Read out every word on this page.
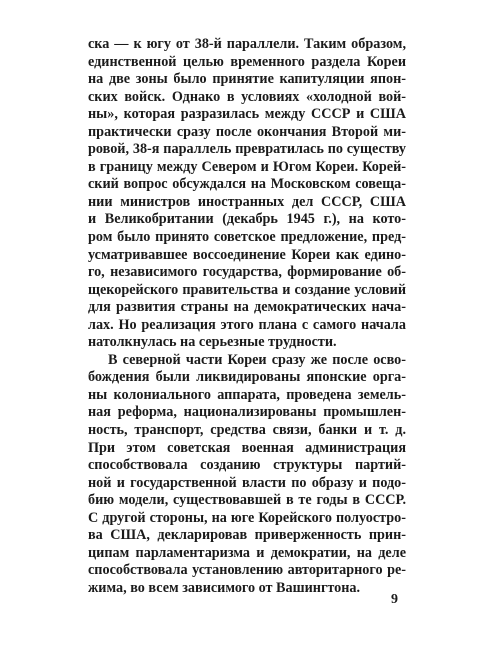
ска — к югу от 38-й параллели. Таким образом,
единственной целью временного раздела Кореи
на две зоны было принятие капитуляции япон-
ских войск. Однако в условиях «холодной вой-
ны», которая разразилась между СССР и США
практически сразу после окончания Второй ми-
ровой, 38-я параллель превратилась по существу
в границу между Севером и Югом Кореи. Корей-
ский вопрос обсуждался на Московском совеща-
нии министров иностранных дел СССР, США
и Великобритании (декабрь 1945 г.), на кото-
ром было принято советское предложение, пред-
усматривавшее воссоединение Кореи как едино-
го, независимого государства, формирование об-
щекорейского правительства и создание условий
для развития страны на демократических нача-
лах. Но реализация этого плана с самого начала
натолкнулась на серьезные трудности.
В северной части Кореи сразу же после осво-
бождения были ликвидированы японские орга-
ны колониального аппарата, проведена земель-
ная реформа, национализированы промышлен-
ность, транспорт, средства связи, банки и т. д.
При этом советская военная администрация
способствовала созданию структуры партий-
ной и государственной власти по образу и подо-
бию модели, существовавшей в те годы в СССР.
С другой стороны, на юге Корейского полуостро-
ва США, декларировав приверженность прин-
ципам парламентаризма и демократии, на деле
способствовала установлению авторитарного ре-
жима, во всем зависимого от Вашингтона.
9
